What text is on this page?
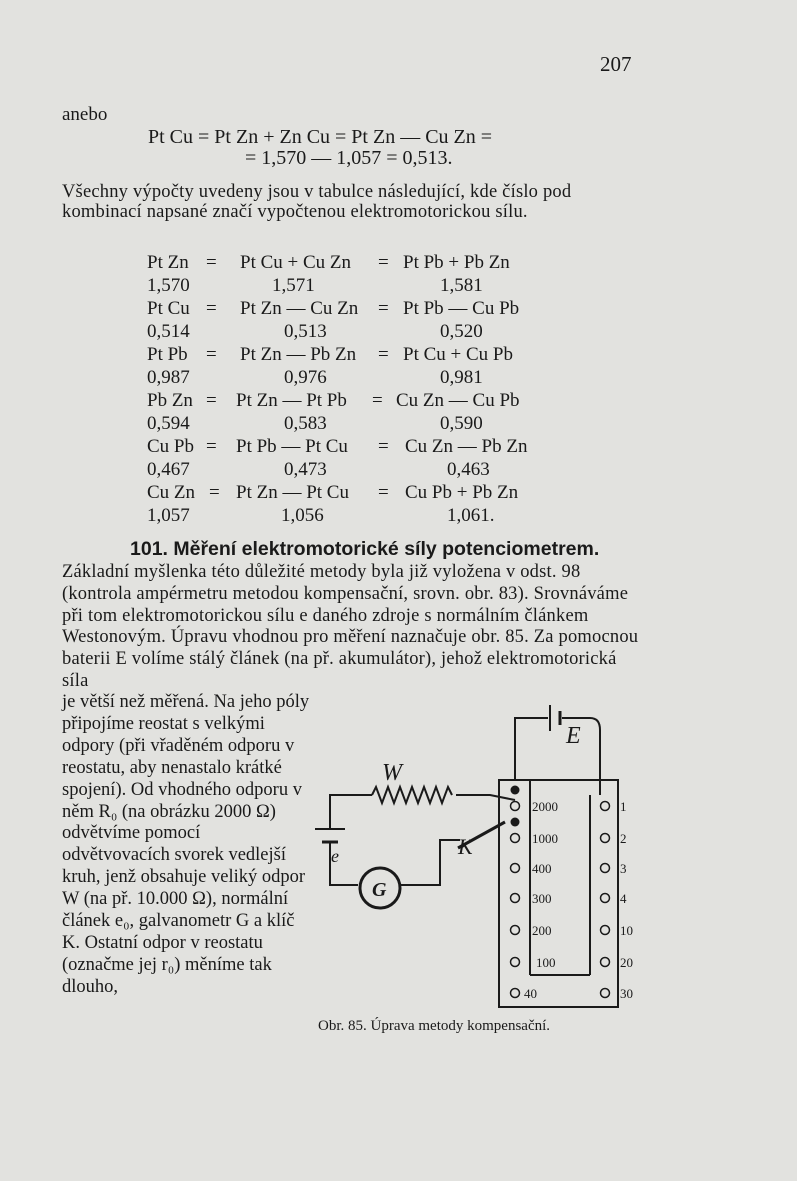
207
anebo
Pt Cu = Pt Zn + Zn Cu = Pt Zn — Cu Zn =
= 1,570 — 1,057 = 0,513.
Všechny výpočty uvedeny jsou v tabulce následující, kde číslo pod kombinací napsané značí vypočtenou elektromotorickou sílu.
Pt Zn = Pt Cu + Cu Zn = Pt Pb + Pb Zn
1,570	1,571	1,581
Pt Cu = Pt Zn — Cu Zn = Pt Pb — Cu Pb
0,514	0,513	0,520
Pt Pb = Pt Zn — Pb Zn = Pt Cu + Cu Pb
0,987	0,976	0,981
Pb Zn = Pt Zn — Pt Pb = Cu Zn — Cu Pb
0,594	0,583	0,590
Cu Pb = Pt Pb — Pt Cu = Cu Zn — Pb Zn
0,467	0,473	0,463
Cu Zn = Pt Zn — Pt Cu = Cu Pb + Pb Zn
1,057	1,056	1,061.
101. Měření elektromotorické síly potenciometrem.
Základní myšlenka této důležité metody byla již vyložena v odst. 98 (kontrola ampérmetru metodou kompensační, srovn. obr. 83). Srovnáváme při tom elektromotorickou sílu e daného zdroje s normálním článkem Westonovým. Úpravu vhodnou pro měření naznačuje obr. 85. Za pomocnou baterii E volíme stálý článek (na př. akumulátor), jehož elektromotorická síla
je větší než měřená. Na jeho póly připojíme reostat s velkými odpory (při vřaděném odporu v reostatu, aby nenastalo krátké spojení). Od vhodného odporu v něm R₀ (na obrázku 2000 Ω) odvětvíme pomocí odvětvovacích svorek vedlejší kruh, jenž obsahuje veliký odpor W (na př. 10.000 Ω), normální článek e₀, galvanometr G a klíč K. Ostatní odpor v reostatu (označme jej r₀) měníme tak dlouho,
E
W
K
e
G
2000
1000
400
300
200
100
40
1
2
3
4
10
20
30
Obr. 85. Úprava metody kompensační.
